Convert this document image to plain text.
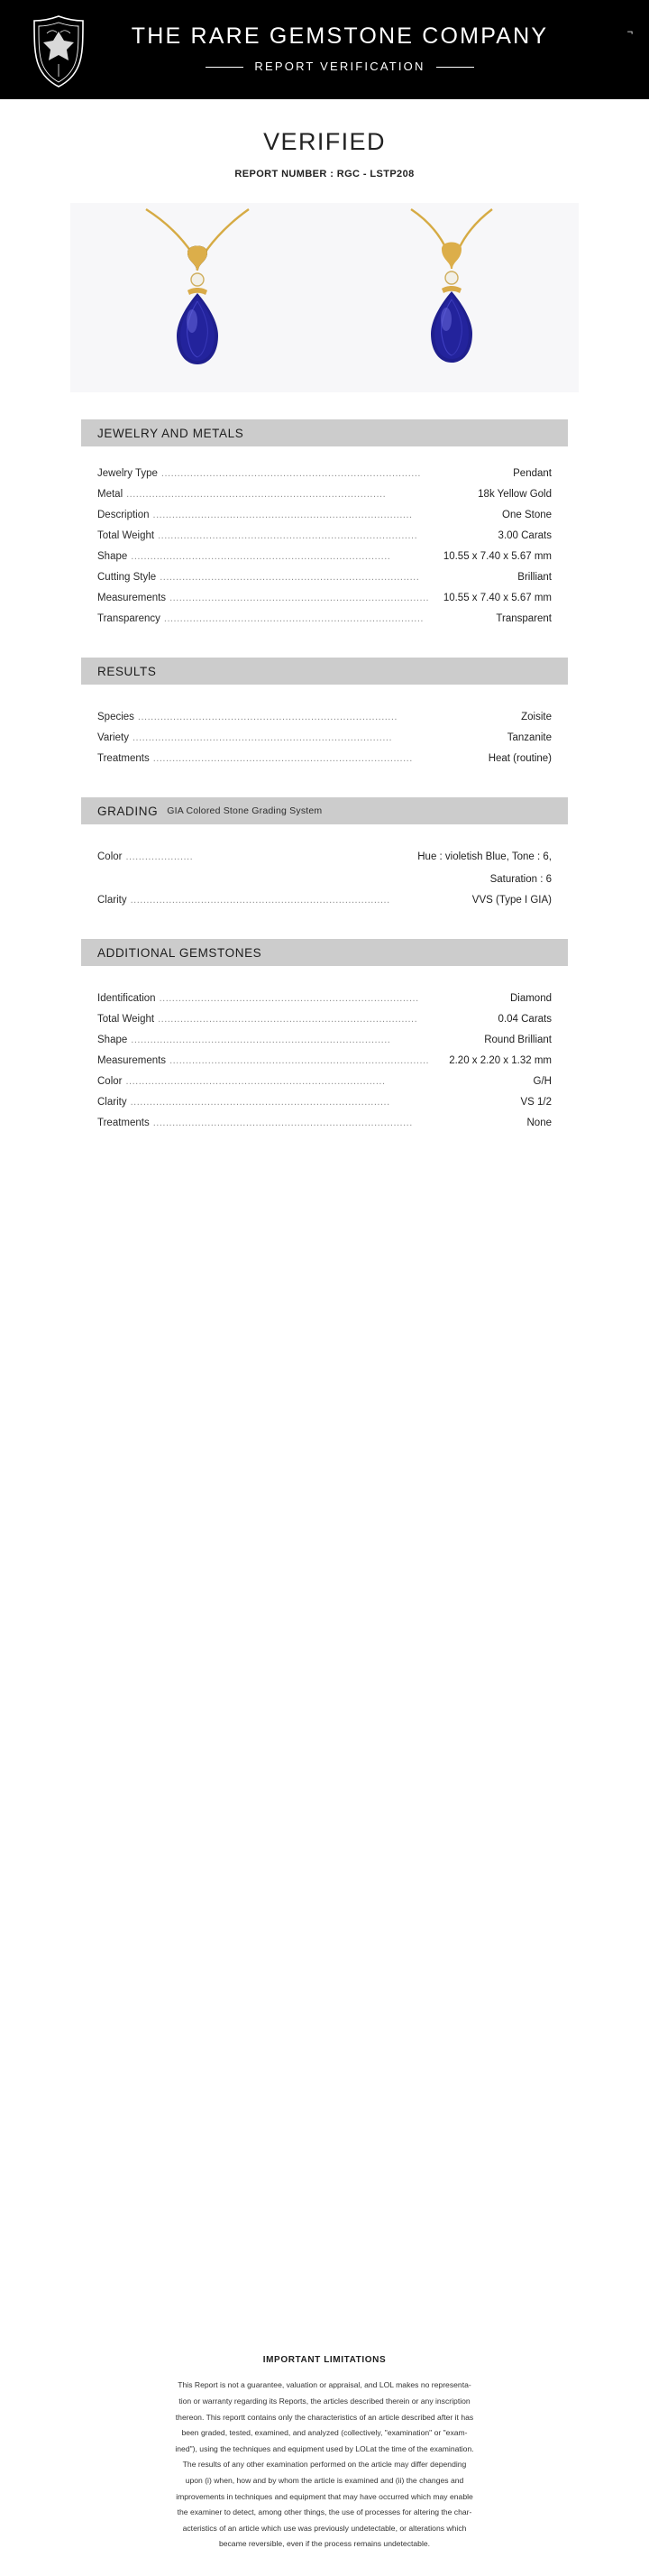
THE RARE GEMSTONE COMPANY
REPORT VERIFICATION
¬
VERIFIED
REPORT NUMBER : RGC - LSTP208
JEWELRY AND METALS
Jewelry Type .................................................................................	Pendant
Metal .................................................................................	18k Yellow Gold
Description .................................................................................	One Stone
Total Weight .................................................................................	3.00 Carats
Shape .................................................................................	10.55 x 7.40 x 5.67 mm
Cutting Style .................................................................................	Brilliant
Measurements .................................................................................	10.55 x 7.40 x 5.67 mm
Transparency .................................................................................	Transparent
RESULTS
Species .................................................................................	Zoisite
Variety .................................................................................	Tanzanite
Treatments .................................................................................	Heat (routine)
GRADING GIA Colored Stone Grading System
Color .....................	Hue : violetish Blue, Tone : 6,
Saturation : 6
Clarity .................................................................................	VVS (Type I GIA)
ADDITIONAL GEMSTONES
Identification .................................................................................	Diamond
Total Weight .................................................................................	0.04 Carats
Shape .................................................................................	Round Brilliant
Measurements .................................................................................	2.20 x 2.20 x 1.32 mm
Color .................................................................................	G/H
Clarity .................................................................................	VS 1/2
Treatments .................................................................................	None
IMPORTANT LIMITATIONS

This Report is not a guarantee, valuation or appraisal, and LOL makes no representa-

tion or warranty regarding its Reports, the articles described therein or any inscription

thereon. This reportt contains only the characteristics of an article described after it has

been graded, tested, examined, and analyzed (collectively, "examination" or "exam-

ined"), using the techniques and equipment used by LOLat the time of the examination.

The results of any other examination performed on the article may differ depending

upon (i) when, how and by whom the article is examined and (ii) the changes and

improvements in techniques and equipment that may have occurred which may enable

the examiner to detect, among other things, the use of processes for altering the char-

acteristics of an article which use was previously undetectable, or alterations which

became reversible, even if the process remains undetectable.
